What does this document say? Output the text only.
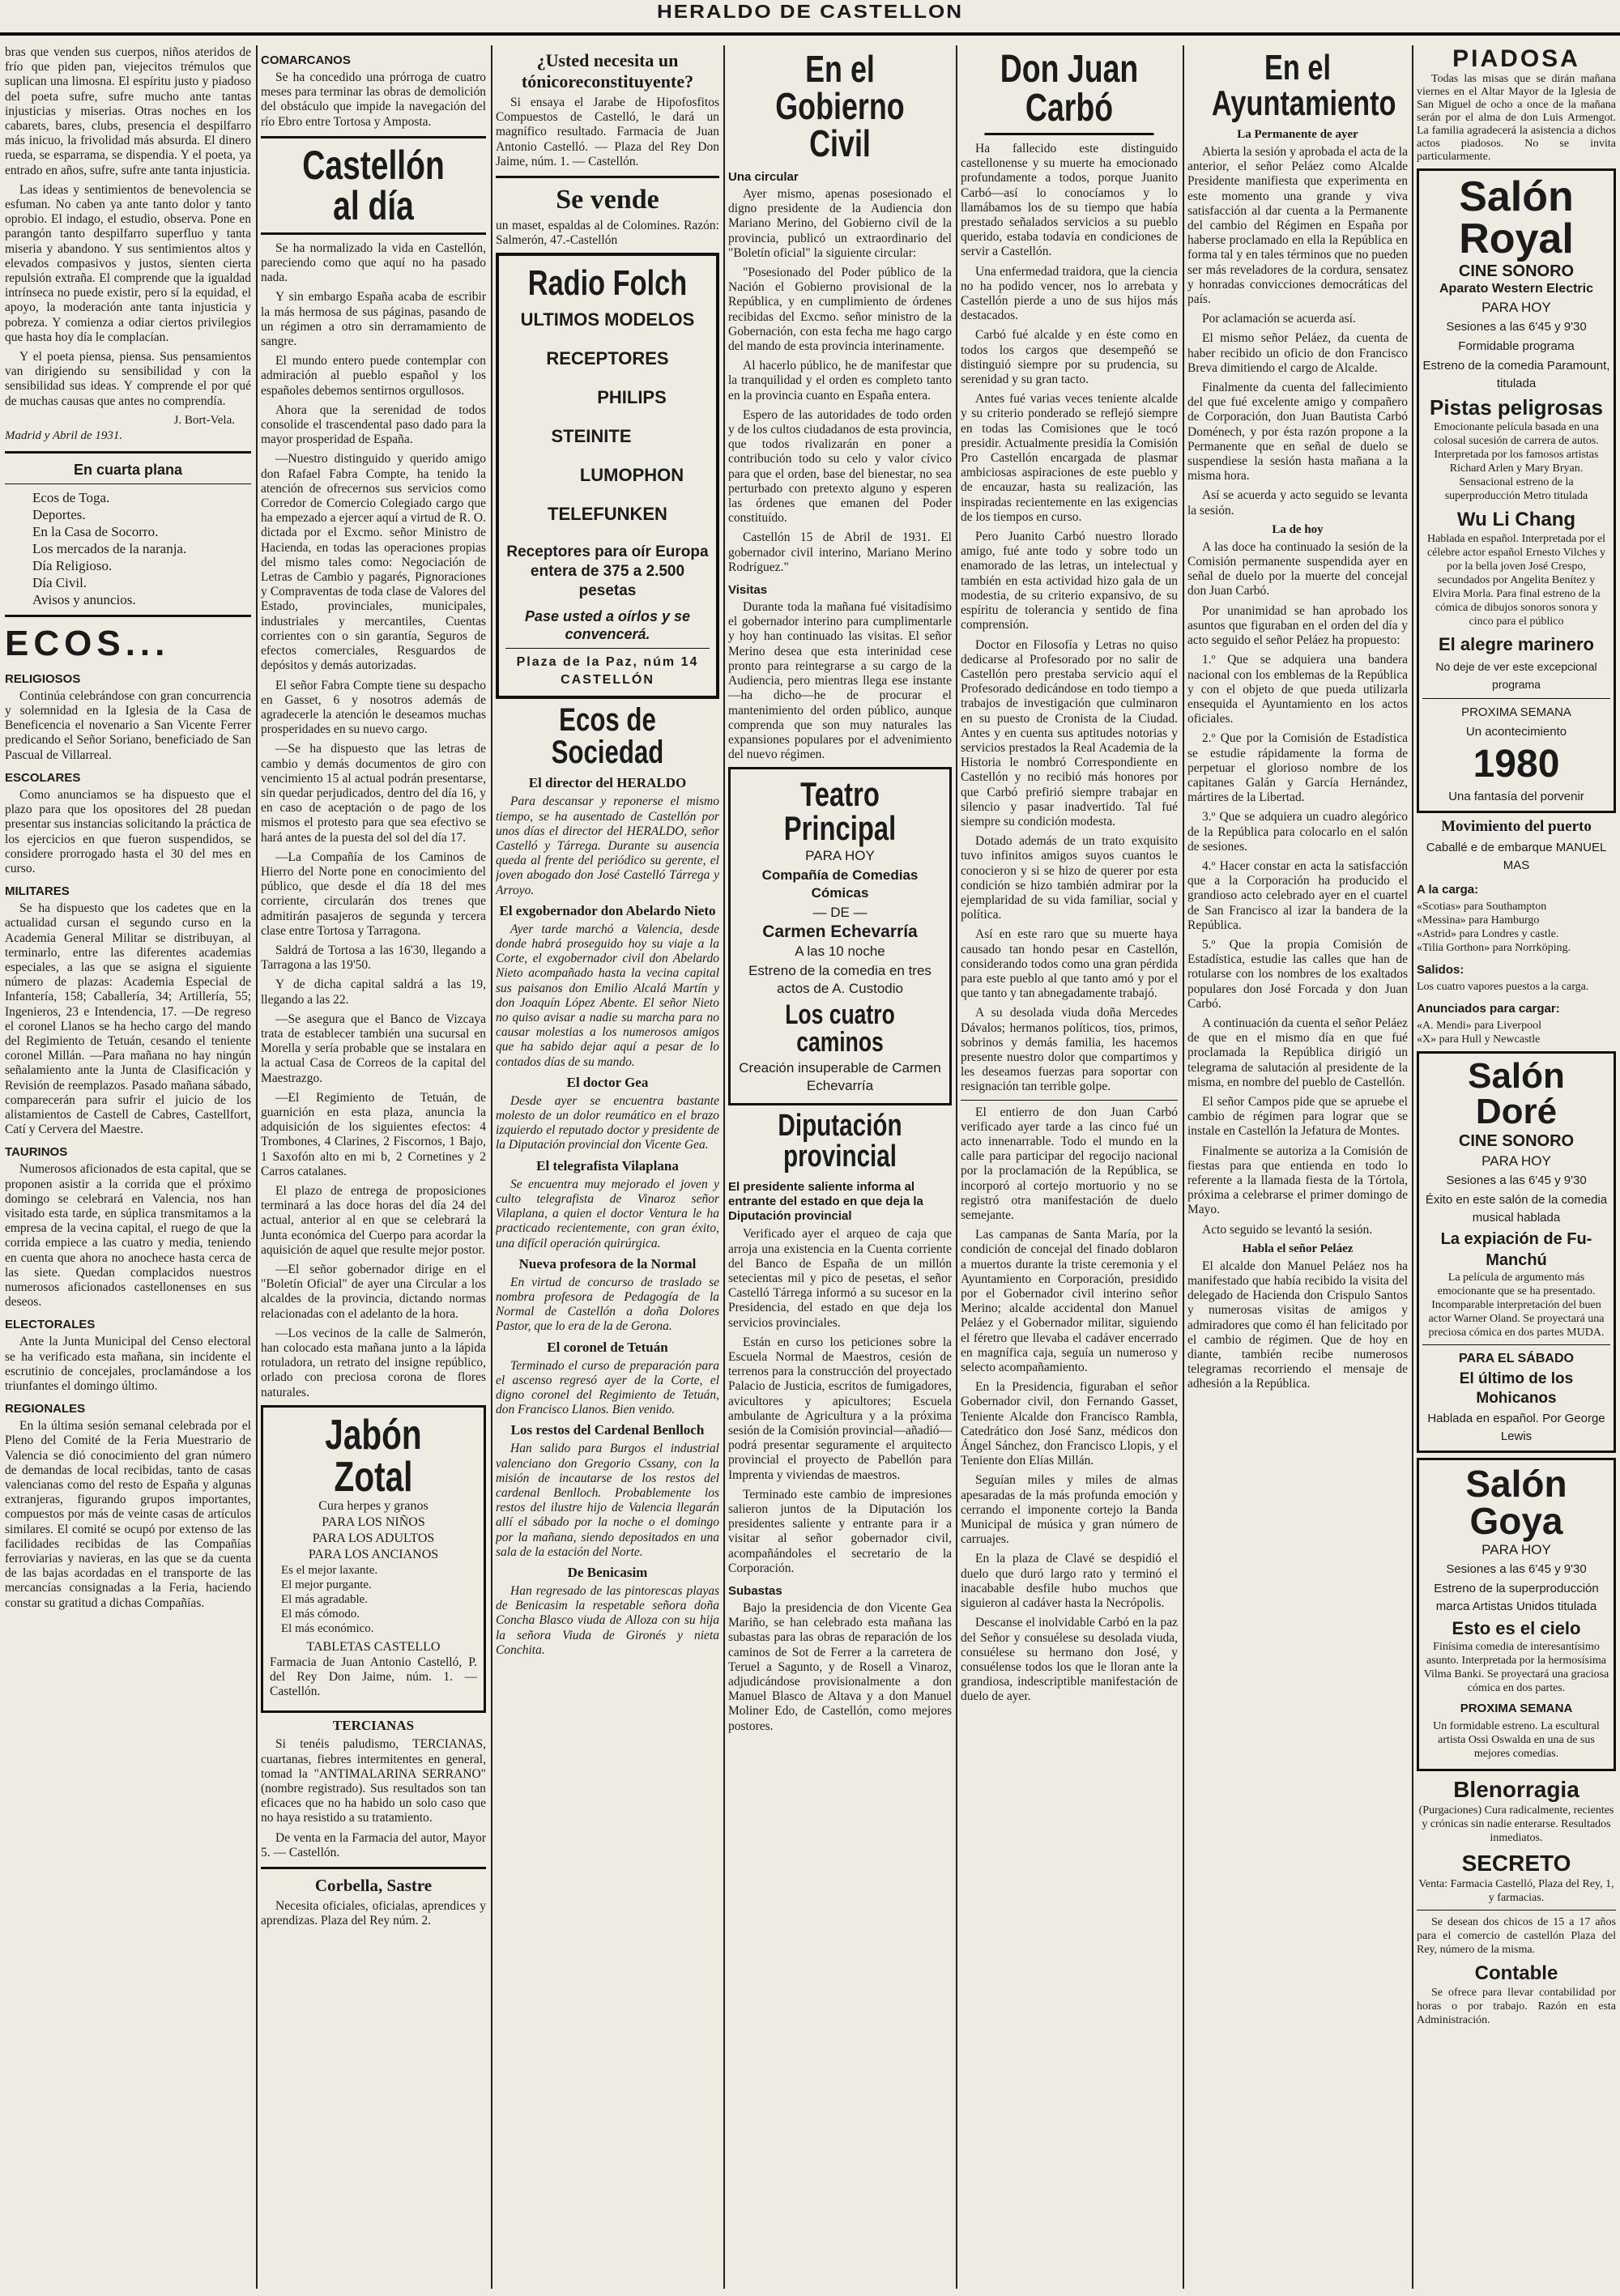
HERALDO DE CASTELLON

bras que venden sus cuerpos, niños ateridos de frío que piden pan, viejecitos trémulos que suplican una limosna. El espíritu justo y piadoso del poeta sufre, sufre mucho ante tantas injusticias y miserias. Otras noches en los cabarets, bares, clubs, presencia el despilfarro más inicuo, la frivolidad más absurda. El dinero rueda, se esparrama, se dispendia. Y el poeta, ya entrado en años, sufre, sufre ante tanta injusticia.

Las ideas y sentimientos de benevolencia se esfuman. No caben ya ante tanto dolor y tanto oprobio. El indago, el estudio, observa. Pone en parangón tanto despilfarro superfluo y tanta miseria y abandono. Y sus sentimientos altos y elevados compasivos y justos, sienten cierta repulsión extraña. El comprende que la igualdad intrínseca no puede existir, pero sí la equidad, el apoyo, la moderación ante tanta injusticia y pobreza. Y comienza a odiar ciertos privilegios que hasta hoy día le complacían.

Y el poeta piensa, piensa. Sus pensamientos van dirigiendo su sensibilidad y con la sensibilidad sus ideas. Y comprende el por qué de muchas causas que antes no comprendía.

J. Bort-Vela.
Madrid y Abril de 1931.
En cuarta plana
Ecos de Toga.
Deportes.
En la Casa de Socorro.
Los mercados de la naranja.
Día Religioso.
Día Civil.
Avisos y anuncios.
ECOS...
RELIGIOSOS

Continúa celebrándose con gran concurrencia y solemnidad en la Iglesia de la Casa de Beneficencia el novenario a San Vicente Ferrer predicando el Señor Soriano, beneficiado de San Pascual de Villarreal.

ESCOLARES

Como anunciamos se ha dispuesto que el plazo para que los opositores del 28 puedan presentar sus instancias solicitando la práctica de los ejercicios en que fueron suspendidos, se considere prorrogado hasta el 30 del mes en curso.

MILITARES

Se ha dispuesto que los cadetes que en la actualidad cursan el segundo curso en la Academia General Militar se distribuyan, al terminarlo, entre las diferentes academias especiales, a las que se asigna el siguiente número de plazas: Academia Especial de Infantería, 158; Caballería, 34; Artillería, 55; Ingenieros, 23 e Intendencia, 17. —De regreso el coronel Llanos se ha hecho cargo del mando del Regimiento de Tetuán, cesando el teniente coronel Millán. —Para mañana no hay ningún señalamiento ante la Junta de Clasificación y Revisión de reemplazos. Pasado mañana sábado, comparecerán para sufrir el juicio de los alistamientos de Castell de Cabres, Castellfort, Catí y Cervera del Maestre.

TAURINOS

Numerosos aficionados de esta capital, que se proponen asistir a la corrida que el próximo domingo se celebrará en Valencia, nos han visitado esta tarde, en súplica transmitamos a la empresa de la vecina capital, el ruego de que la corrida empiece a las cuatro y media, teniendo en cuenta que ahora no anochece hasta cerca de las siete. Quedan complacidos nuestros numerosos aficionados castellonenses en sus deseos.

ELECTORALES

Ante la Junta Municipal del Censo electoral se ha verificado esta mañana, sin incidente el escrutinio de concejales, proclamándose a los triunfantes el domingo último.

REGIONALES

En la última sesión semanal celebrada por el Pleno del Comité de la Feria Muestrario de Valencia se dió conocimiento del gran número de demandas de local recibidas, tanto de casas valencianas como del resto de España y algunas extranjeras, figurando grupos importantes, compuestos por más de veinte casas de artículos similares. El comité se ocupó por extenso de las facilidades recibidas de las Compañías ferroviarias y navieras, en las que se da cuenta de las bajas acordadas en el transporte de las mercancías consignadas a la Feria, haciendo constar su gratitud a dichas Compañías.

COMARCANOS

Se ha concedido una prórroga de cuatro meses para terminar las obras de demolición del obstáculo que impide la navegación del río Ebro entre Tortosa y Amposta.

Castellón al día

Se ha normalizado la vida en Castellón, pareciendo como que aquí no ha pasado nada.

Y sin embargo España acaba de escribir la más hermosa de sus páginas, pasando de un régimen a otro sin derramamiento de sangre.

El mundo entero puede contemplar con admiración al pueblo español y los españoles debemos sentirnos orgullosos.

Ahora que la serenidad de todos consolide el trascendental paso dado para la mayor prosperidad de España.

—Nuestro distinguido y querido amigo don Rafael Fabra Compte, ha tenido la atención de ofrecernos sus servicios como Corredor de Comercio Colegiado cargo que ha empezado a ejercer aquí a virtud de R. O. dictada por el Excmo. señor Ministro de Hacienda, en todas las operaciones propias del mismo tales como: Negociación de Letras de Cambio y pagarés, Pignoraciones y Compraventas de toda clase de Valores del Estado, provinciales, municipales, industriales y mercantiles, Cuentas corrientes con o sin garantía, Seguros de efectos comerciales, Resguardos de depósitos y demás autorizadas.

El señor Fabra Compte tiene su despacho en Gasset, 6 y nosotros además de agradecerle la atención le deseamos muchas prosperidades en su nuevo cargo.

—Se ha dispuesto que las letras de cambio y demás documentos de giro con vencimiento 15 al actual podrán presentarse, sin quedar perjudicados, dentro del día 16, y en caso de aceptación o de pago de los mismos el protesto para que sea efectivo se hará antes de la puesta del sol del día 17.

—La Compañía de los Caminos de Hierro del Norte pone en conocimiento del público, que desde el día 18 del mes corriente, circularán dos trenes que admitirán pasajeros de segunda y tercera clase entre Tortosa y Tarragona.

Saldrá de Tortosa a las 16'30, llegando a Tarragona a las 19'50.

Y de dicha capital saldrá a las 19, llegando a las 22.

—Se asegura que el Banco de Vizcaya trata de establecer también una sucursal en Morella y sería probable que se instalara en la actual Casa de Correos de la capital del Maestrazgo.

—El Regimiento de Tetuán, de guarnición en esta plaza, anuncia la adquisición de los siguientes efectos: 4 Trombones, 4 Clarines, 2 Fiscornos, 1 Bajo, 1 Saxofón alto en mi b, 2 Cornetines y 2 Carros catalanes.

El plazo de entrega de proposiciones terminará a las doce horas del día 24 del actual, anterior al en que se celebrará la Junta económica del Cuerpo para acordar la aquisición de aquel que resulte mejor postor.

—El señor gobernador dirige en el "Boletín Oficial" de ayer una Circular a los alcaldes de la provincia, dictando normas relacionadas con el adelanto de la hora.

—Los vecinos de la calle de Salmerón, han colocado esta mañana junto a la lápida rotuladora, un retrato del insigne repúblico, orlado con preciosa corona de flores naturales.

Jabón Zotal
Cura herpes y granos
PARA LOS NIÑOS
PARA LOS ADULTOS
PARA LOS ANCIANOS
Es el mejor laxante.
El mejor purgante.
El más agradable.
El más cómodo.
El más económico.
TABLETAS CASTELLO

Farmacia de Juan Antonio Castelló, P. del Rey Don Jaime, núm. 1. — Castellón.

TERCIANAS

Si tenéis paludismo, TERCIANAS, cuartanas, fiebres intermitentes en general, tomad la "ANTIMALARINA SERRANO" (nombre registrado). Sus resultados son tan eficaces que no ha habido un solo caso que no haya resistido a su tratamiento.

De venta en la Farmacia del autor, Mayor 5. — Castellón.

Corbella, Sastre

Necesita oficiales, oficialas, aprendices y aprendizas. Plaza del Rey núm. 2.

¿Usted necesita un tónicoreconstituyente?

Si ensaya el Jarabe de Hipofosfitos Compuestos de Castelló, le dará un magnífico resultado. Farmacia de Juan Antonio Castelló. — Plaza del Rey Don Jaime, núm. 1. — Castellón.

Se vende

un maset, espaldas al de Colomines. Razón: Salmerón, 47.-Castellón

Radio Folch
ULTIMOS MODELOS
RECEPTORES
PHILIPS
STEINITE
LUMOPHON
TELEFUNKEN
Receptores para oír Europa entera de 375 a 2.500 pesetas
Pase usted a oírlos y se convencerá.
Plaza de la Paz, núm 14 CASTELLÓN
Ecos de Sociedad
El director del HERALDO

Para descansar y reponerse el mismo tiempo, se ha ausentado de Castellón por unos días el director del HERALDO, señor Castelló y Tárrega. Durante su ausencia queda al frente del periódico su gerente, el joven abogado don José Castelló Tárrega y Arroyo.

El exgobernador don Abelardo Nieto

Ayer tarde marchó a Valencia, desde donde habrá proseguido hoy su viaje a la Corte, el exgobernador civil don Abelardo Nieto acompañado hasta la vecina capital sus paisanos don Emilio Alcalá Martín y don Joaquín López Abente. El señor Nieto no quiso avisar a nadie su marcha para no causar molestias a los numerosos amigos que ha sabido dejar aquí a pesar de lo contados días de su mando.

El doctor Gea

Desde ayer se encuentra bastante molesto de un dolor reumático en el brazo izquierdo el reputado doctor y presidente de la Diputación provincial don Vicente Gea.

El telegrafista Vilaplana

Se encuentra muy mejorado el joven y culto telegrafista de Vinaroz señor Vilaplana, a quien el doctor Ventura le ha practicado recientemente, con gran éxito, una difícil operación quirúrgica.

Nueva profesora de la Normal

En virtud de concurso de traslado se nombra profesora de Pedagogía de la Normal de Castellón a doña Dolores Pastor, que lo era de la de Gerona.

El coronel de Tetuán

Terminado el curso de preparación para el ascenso regresó ayer de la Corte, el digno coronel del Regimiento de Tetuán, don Francisco Llanos. Bien venido.

Los restos del Cardenal Benlloch

Han salido para Burgos el industrial valenciano don Gregorio Cssany, con la misión de incautarse de los restos del cardenal Benlloch. Probablemente los restos del ilustre hijo de Valencia llegarán allí el sábado por la noche o el domingo por la mañana, siendo depositados en una sala de la estación del Norte.

De Benicasim

Han regresado de las pintorescas playas de Benicasim la respetable señora doña Concha Blasco viuda de Alloza con su hija la señora Viuda de Gironés y nieta Conchita.

En el Gobierno Civil
Una circular

Ayer mismo, apenas posesionado el digno presidente de la Audiencia don Mariano Merino, del Gobierno civil de la provincia, publicó un extraordinario del "Boletín oficial" la siguiente circular:

"Posesionado del Poder público de la Nación el Gobierno provisional de la República, y en cumplimiento de órdenes recibidas del Excmo. señor ministro de la Gobernación, con esta fecha me hago cargo del mando de esta provincia interinamente.

Al hacerlo público, he de manifestar que la tranquilidad y el orden es completo tanto en la provincia cuanto en España entera.

Espero de las autoridades de todo orden y de los cultos ciudadanos de esta provincia, que todos rivalizarán en poner a contribución todo su celo y valor cívico para que el orden, base del bienestar, no sea perturbado con pretexto alguno y esperen las órdenes que emanen del Poder constituído.

Castellón 15 de Abril de 1931. El gobernador civil interino, Mariano Merino Rodríguez."

Visitas

Durante toda la mañana fué visitadísimo el gobernador interino para cumplimentarle y hoy han continuado las visitas. El señor Merino desea que esta interinidad cese pronto para reintegrarse a su cargo de la Audiencia, pero mientras llega ese instante—ha dicho—he de procurar el mantenimiento del orden público, aunque comprenda que son muy naturales las expansiones populares por el advenimiento del nuevo régimen.

Teatro Principal
PARA HOY
Compañía de Comedias Cómicas
— DE —
Carmen Echevarría
A las 10 noche
Estreno de la comedia en tres actos de A. Custodio
Los cuatro caminos
Creación insuperable de Carmen Echevarría
Diputación provincial
El presidente saliente informa al entrante del estado en que deja la Diputación provincial

Verificado ayer el arqueo de caja que arroja una existencia en la Cuenta corriente del Banco de España de un millón setecientas mil y pico de pesetas, el señor Castelló Tárrega informó a su sucesor en la Presidencia, del estado en que deja los servicios provinciales.

Están en curso los peticiones sobre la Escuela Normal de Maestros, cesión de terrenos para la construcción del proyectado Palacio de Justicia, escritos de fumigadores, avicultores y apicultores; Escuela ambulante de Agricultura y a la próxima sesión de la Comisión provincial—añadió—podrá presentar seguramente el arquitecto provincial el proyecto de Pabellón para Imprenta y viviendas de maestros.

Terminado este cambio de impresiones salieron juntos de la Diputación los presidentes saliente y entrante para ir a visitar al señor gobernador civil, acompañándoles el secretario de la Corporación.

Subastas

Bajo la presidencia de don Vicente Gea Mariño, se han celebrado esta mañana las subastas para las obras de reparación de los caminos de Sot de Ferrer a la carretera de Teruel a Sagunto, y de Rosell a Vinaroz, adjudicándose provisionalmente a don Manuel Blasco de Altava y a don Manuel Moliner Edo, de Castellón, como mejores postores.

Don Juan Carbó

Ha fallecido este distinguido castellonense y su muerte ha emocionado profundamente a todos, porque Juanito Carbó—así lo conocíamos y lo llamábamos los de su tiempo que había prestado señalados servicios a su pueblo querido, estaba todavía en condiciones de servir a Castellón.

Una enfermedad traidora, que la ciencia no ha podido vencer, nos lo arrebata y Castellón pierde a uno de sus hijos más destacados.

Carbó fué alcalde y en éste como en todos los cargos que desempeñó se distinguió siempre por su prudencia, su serenidad y su gran tacto.

Antes fué varias veces teniente alcalde y su criterio ponderado se reflejó siempre en todas las Comisiones que le tocó presidir. Actualmente presidía la Comisión Pro Castellón encargada de plasmar ambiciosas aspiraciones de este pueblo y de encauzar, hasta su realización, las inspiradas recientemente en las exigencias de los tiempos en curso.

Pero Juanito Carbó nuestro llorado amigo, fué ante todo y sobre todo un enamorado de las letras, un intelectual y también en esta actividad hizo gala de un modestia, de su criterio expansivo, de su espíritu de tolerancia y sentido de fina comprensión.

Doctor en Filosofía y Letras no quiso dedicarse al Profesorado por no salir de Castellón pero prestaba servicio aquí el Profesorado dedicándose en todo tiempo a trabajos de investigación que culminaron en su puesto de Cronista de la Ciudad. Antes y en cuenta sus aptitudes notorias y servicios prestados la Real Academia de la Historia le nombró Correspondiente en Castellón y no recibió más honores por que Carbó prefirió siempre trabajar en silencio y pasar inadvertido. Tal fué siempre su condición modesta.

Dotado además de un trato exquisito tuvo infinitos amigos suyos cuantos le conocieron y si se hizo de querer por esta condición se hizo también admirar por la ejemplaridad de su vida familiar, social y política.

Así en este raro que su muerte haya causado tan hondo pesar en Castellón, considerando todos como una gran pérdida para este pueblo al que tanto amó y por el que tanto y tan abnegadamente trabajó.

A su desolada viuda doña Mercedes Dávalos; hermanos políticos, tíos, primos, sobrinos y demás familia, les hacemos presente nuestro dolor que compartimos y les deseamos fuerzas para soportar con resignación tan terrible golpe.

El entierro de don Juan Carbó verificado ayer tarde a las cinco fué un acto innenarrable. Todo el mundo en la calle para participar del regocijo nacional por la proclamación de la República, se incorporó al cortejo mortuorio y no se registró otra manifestación de duelo semejante.

Las campanas de Santa María, por la condición de concejal del finado doblaron a muertos durante la triste ceremonia y el Ayuntamiento en Corporación, presidido por el Gobernador civil interino señor Merino; alcalde accidental don Manuel Peláez y el Gobernador militar, siguiendo el féretro que llevaba el cadáver encerrado en magnífica caja, seguía un numeroso y selecto acompañamiento.

En la Presidencia, figuraban el señor Gobernador civil, don Fernando Gasset, Teniente Alcalde don Francisco Rambla, Catedrático don José Sanz, médicos don Ángel Sánchez, don Francisco Llopis, y el Teniente don Elías Millán.

Seguían miles y miles de almas apesaradas de la más profunda emoción y cerrando el imponente cortejo la Banda Municipal de música y gran número de carruajes.

En la plaza de Clavé se despidió el duelo que duró largo rato y terminó el inacabable desfile hubo muchos que siguieron al cadáver hasta la Necrópolis.

Descanse el inolvidable Carbó en la paz del Señor y consuélese su desolada viuda, consuélese su hermano don José, y consuélense todos los que le lloran ante la grandiosa, indescriptible manifestación de duelo de ayer.

En el Ayuntamiento
La Permanente de ayer

Abierta la sesión y aprobada el acta de la anterior, el señor Peláez como Alcalde Presidente manifiesta que experimenta en este momento una grande y viva satisfacción al dar cuenta a la Permanente del cambio del Régimen en España por haberse proclamado en ella la República en forma tal y en tales términos que no pueden ser más reveladores de la cordura, sensatez y honradas convicciones democráticas del país.

Por aclamación se acuerda así.

El mismo señor Peláez, da cuenta de haber recibido un oficio de don Francisco Breva dimitiendo el cargo de Alcalde.

Finalmente da cuenta del fallecimiento del que fué excelente amigo y compañero de Corporación, don Juan Bautista Carbó Doménech, y por ésta razón propone a la Permanente que en señal de duelo se suspendiese la sesión hasta mañana a la misma hora.

Así se acuerda y acto seguido se levanta la sesión.

La de hoy

A las doce ha continuado la sesión de la Comisión permanente suspendida ayer en señal de duelo por la muerte del concejal don Juan Carbó.

Por unanimidad se han aprobado los asuntos que figuraban en el orden del día y acto seguido el señor Peláez ha propuesto:

1.º Que se adquiera una bandera nacional con los emblemas de la República y con el objeto de que pueda utilizarla ensequida el Ayuntamiento en los actos oficiales.

2.º Que por la Comisión de Estadística se estudie rápidamente la forma de perpetuar el glorioso nombre de los capitanes Galán y García Hernández, mártires de la Libertad.

3.º Que se adquiera un cuadro alegórico de la República para colocarlo en el salón de sesiones.

4.º Hacer constar en acta la satisfacción que a la Corporación ha producido el grandioso acto celebrado ayer en el cuartel de San Francisco al izar la bandera de la República.

5.º Que la propia Comisión de Estadística, estudie las calles que han de rotularse con los nombres de los exaltados populares don José Forcada y don Juan Carbó.

A continuación da cuenta el señor Peláez de que en el mismo día en que fué proclamada la República dirigió un telegrama de salutación al presidente de la misma, en nombre del pueblo de Castellón.

El señor Campos pide que se apruebe el cambio de régimen para lograr que se instale en Castellón la Jefatura de Montes.

Finalmente se autoriza a la Comisión de fiestas para que entienda en todo lo referente a la llamada fiesta de la Tórtola, próxima a celebrarse el primer domingo de Mayo.

Acto seguido se levantó la sesión.

Habla el señor Peláez

El alcalde don Manuel Peláez nos ha manifestado que había recibido la visita del delegado de Hacienda don Crispulo Santos y numerosas visitas de amigos y admiradores que como él han felicitado por el cambio de régimen. Que de hoy en diante, también recibe numerosos telegramas recorriendo el mensaje de adhesión a la República.

PIADOSA

Todas las misas que se dirán mañana viernes en el Altar Mayor de la Iglesia de San Miguel de ocho a once de la mañana serán por el alma de don Luis Armengot. La familia agradecerá la asistencia a dichos actos piadosos. No se invita particularmente.

Salón Royal
CINE SONORO
Aparato Western Electric
PARA HOY
Sesiones a las 6'45 y 9'30
Formidable programa
Estreno de la comedia Paramount, titulada
Pistas peligrosas

Emocionante película basada en una colosal sucesión de carrera de autos. Interpretada por los famosos artistas Richard Arlen y Mary Bryan. Sensacional estreno de la superproducción Metro titulada

Wu Li Chang

Hablada en español. Interpretada por el célebre actor español Ernesto Vilches y por la bella joven José Crespo, secundados por Angelita Benítez y Elvira Morla. Para final estreno de la cómica de dibujos sonoros sonora y cinco para el público

El alegre marinero
No deje de ver este excepcional programa
PROXIMA SEMANA
Un acontecimiento
1980
Una fantasía del porvenir
Movimiento del puerto
Caballé e de embarque MANUEL MAS
A la carga:
«Scotias» para Southampton
«Messina» para Hamburgo
«Astrid» para Londres y castle.
«Tilia Gorthon» para Norrköping.
Salidos:
Los cuatro vapores puestos a la carga.
Anunciados para cargar:
«A. Mendi» para Liverpool
«X» para Hull y Newcastle
Salón Doré
CINE SONORO
PARA HOY
Sesiones a las 6'45 y 9'30
Éxito en este salón de la comedia musical hablada
La expiación de Fu-Manchú

La película de argumento más emocionante que se ha presentado. Incomparable interpretación del buen actor Warner Oland. Se proyectará una preciosa cómica en dos partes MUDA.

PARA EL SÁBADO
El último de los Mohicanos
Hablada en español. Por George Lewis
Salón Goya
PARA HOY
Sesiones a las 6'45 y 9'30
Estreno de la superproducción marca Artistas Unidos titulada
Esto es el cielo

Finísima comedia de interesantísimo asunto. Interpretada por la hermosísima Vilma Banki. Se proyectará una graciosa cómica en dos partes.

PROXIMA SEMANA

Un formidable estreno. La escultural artista Ossi Oswalda en una de sus mejores comedias.

Blenorragia

(Purgaciones) Cura radicalmente, recientes y crónicas sin nadie enterarse. Resultados inmediatos.

SECRETO

Venta: Farmacia Castelló, Plaza del Rey, 1, y farmacias.

Se desean dos chicos de 15 a 17 años para el comercio de castellón Plaza del Rey, número de la misma.

Contable

Se ofrece para llevar contabilidad por horas o por trabajo. Razón en esta Administración.
